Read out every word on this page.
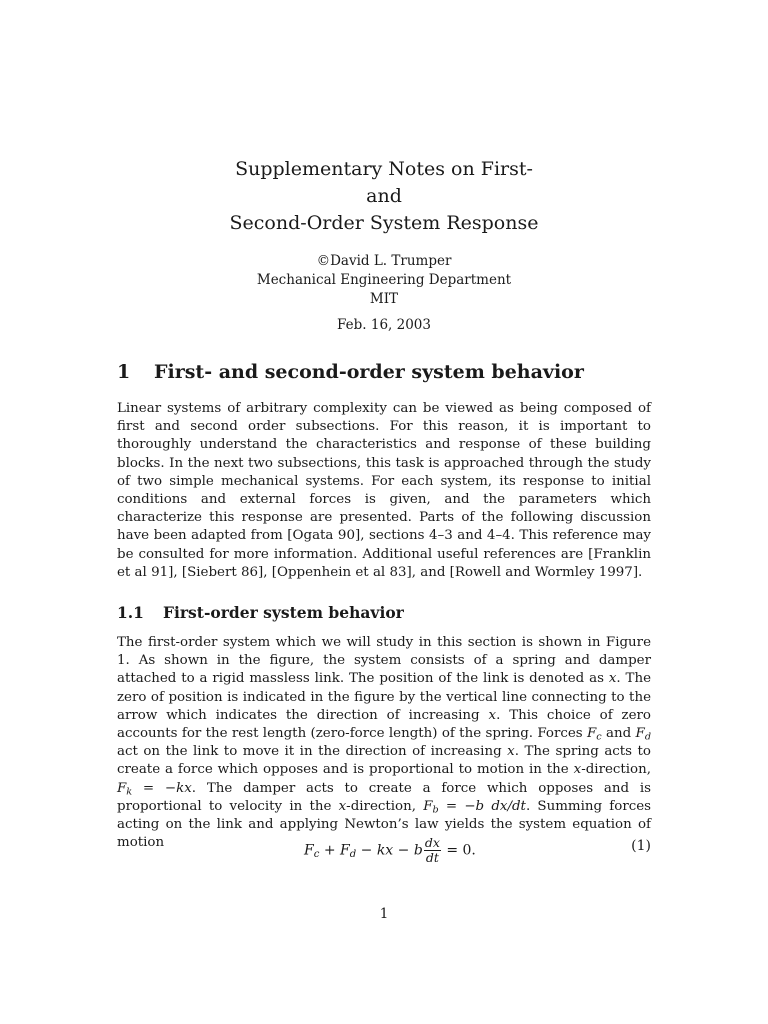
Supplementary Notes on First-
and
Second-Order System Response
©David L. Trumper
Mechanical Engineering Department
MIT
Feb. 16, 2003
1 First- and second-order system behavior
Linear systems of arbitrary complexity can be viewed as being composed of first and second order subsections. For this reason, it is important to thoroughly understand the characteristics and response of these building blocks. In the next two subsections, this task is approached through the study of two simple mechanical systems. For each system, its response to initial conditions and external forces is given, and the parameters which characterize this response are presented. Parts of the following discussion have been adapted from [Ogata 90], sections 4–3 and 4–4. This reference may be consulted for more information. Additional useful references are [Franklin et al 91], [Siebert 86], [Oppenhein et al 83], and [Rowell and Wormley 1997].
1.1 First-order system behavior
The first-order system which we will study in this section is shown in Figure 1. As shown in the figure, the system consists of a spring and damper attached to a rigid massless link. The position of the link is denoted as x. The zero of position is indicated in the figure by the vertical line connecting to the arrow which indicates the direction of increasing x. This choice of zero accounts for the rest length (zero-force length) of the spring. Forces $F_c$ and $F_d$ act on the link to move it in the direction of increasing x. The spring acts to create a force which opposes and is proportional to motion in the x-direction, $F_k = -kx$. The damper acts to create a force which opposes and is proportional to velocity in the x-direction, $F_b = -b$ dx/dt. Summing forces acting on the link and applying Newton’s law yields the system equation of motion	$F_c + F_d$ − kx − b $\frac{dx}{dt} = 0$.	(1)
1
